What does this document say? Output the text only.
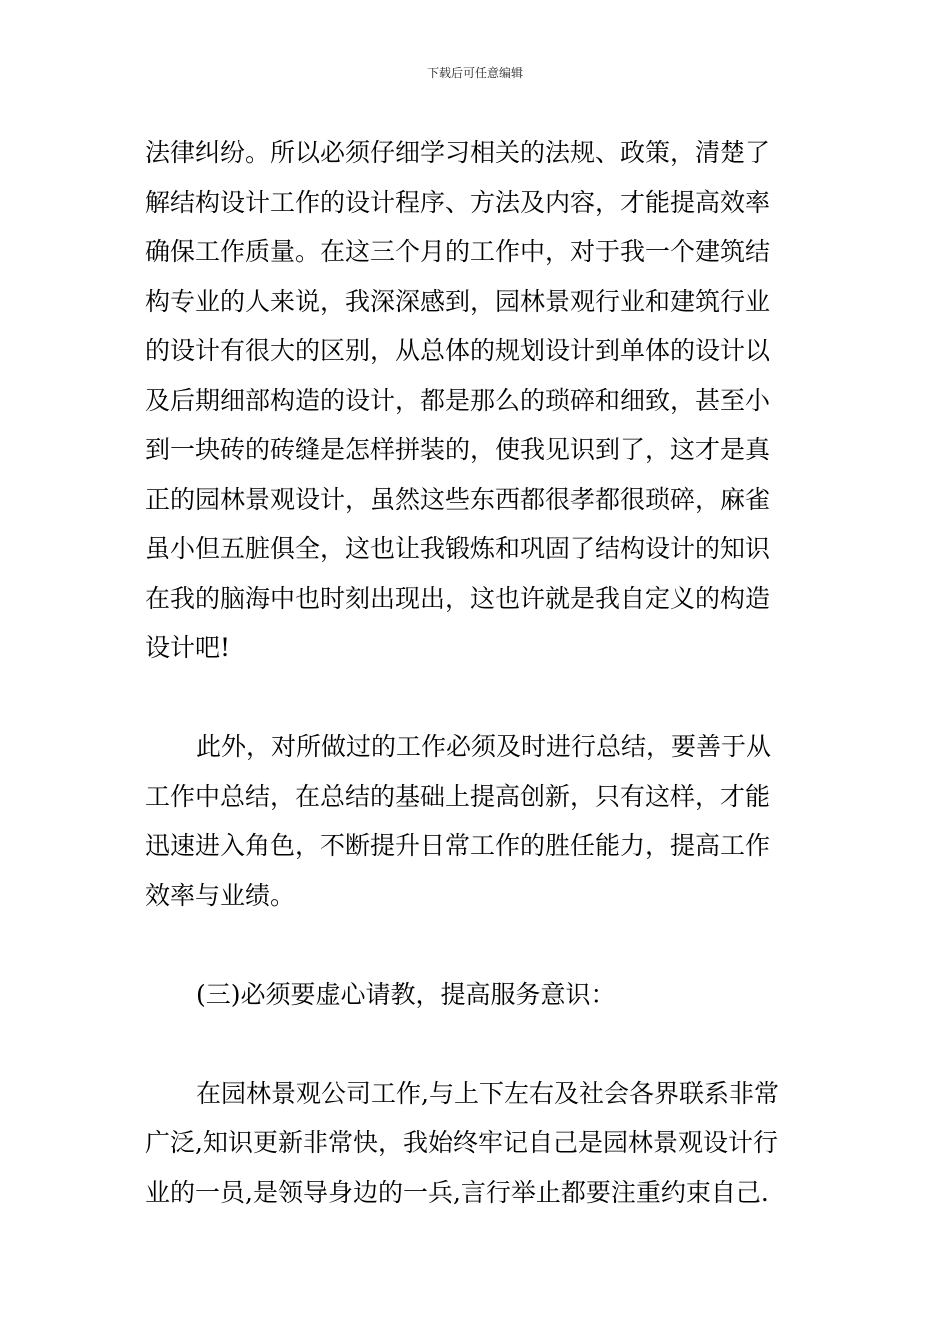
下载后可任意编辑
法律纠纷。所以必须仔细学习相关的法规、政策，清楚了
解结构设计工作的设计程序、方法及内容，才能提高效率
确保工作质量。在这三个月的工作中，对于我一个建筑结
构专业的人来说，我深深感到，园林景观行业和建筑行业
的设计有很大的区别，从总体的规划设计到单体的设计以
及后期细部构造的设计，都是那么的琐碎和细致，甚至小
到一块砖的砖缝是怎样拼装的，使我见识到了，这才是真
正的园林景观设计，虽然这些东西都很孝都很琐碎，麻雀
虽小但五脏俱全，这也让我锻炼和巩固了结构设计的知识
在我的脑海中也时刻出现出，这也许就是我自定义的构造
设计吧!
此外，对所做过的工作必须及时进行总结，要善于从
工作中总结，在总结的基础上提高创新，只有这样，才能
迅速进入角色，不断提升日常工作的胜任能力，提高工作
效率与业绩。
(三)必须要虚心请教，提高服务意识：
在园林景观公司工作,与上下左右及社会各界联系非常
广泛,知识更新非常快，我始终牢记自己是园林景观设计行
业的一员,是领导身边的一兵,言行举止都要注重约束自己.
